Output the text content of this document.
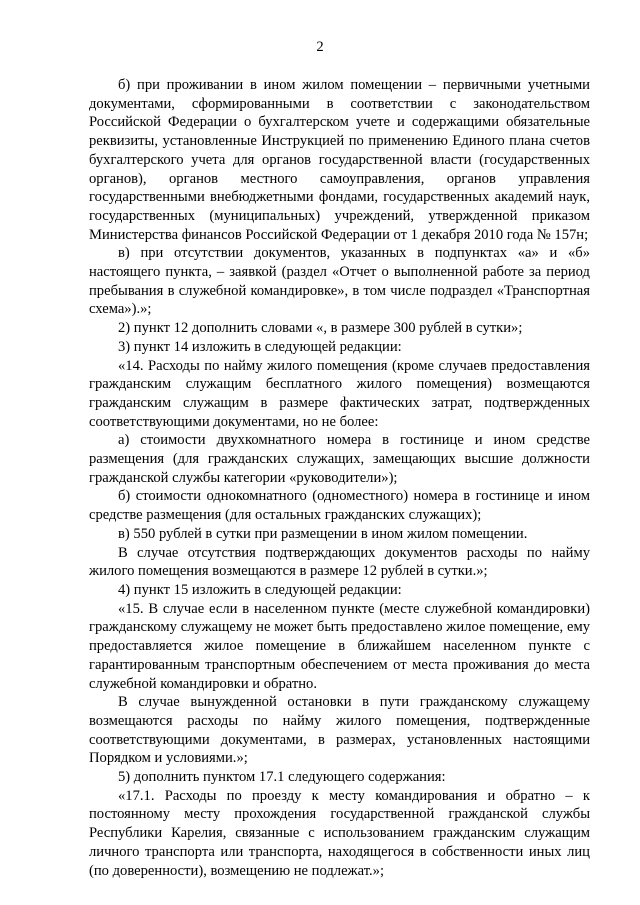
2

б) при проживании в ином жилом помещении – первичными учетными документами, сформированными в соответствии с законодательством Российской Федерации о бухгалтерском учете и содержащими обязательные реквизиты, установленные Инструкцией по применению Единого плана счетов бухгалтерского учета для органов государственной власти (государственных органов), органов местного самоуправления, органов управления государственными внебюджетными фондами, государственных академий наук, государственных (муниципальных) учреждений, утвержденной приказом Министерства финансов Российской Федерации от 1 декабря 2010 года № 157н;

в) при отсутствии документов, указанных в подпунктах «а» и «б» настоящего пункта, – заявкой (раздел «Отчет о выполненной работе за период пребывания в служебной командировке», в том числе подраздел «Транспортная схема»).»;

2) пункт 12 дополнить словами «, в размере 300 рублей в сутки»;

3) пункт 14 изложить в следующей редакции:

«14. Расходы по найму жилого помещения (кроме случаев предоставления гражданским служащим бесплатного жилого помещения) возмещаются гражданским служащим в размере фактических затрат, подтвержденных соответствующими документами, но не более:

а) стоимости двухкомнатного номера в гостинице и ином средстве размещения (для гражданских служащих, замещающих высшие должности гражданской службы категории «руководители»);

б) стоимости однокомнатного (одноместного) номера в гостинице и ином средстве размещения (для остальных гражданских служащих);

в) 550 рублей в сутки при размещении в ином жилом помещении.

В случае отсутствия подтверждающих документов расходы по найму жилого помещения возмещаются в размере 12 рублей в сутки.»;

4) пункт 15 изложить в следующей редакции:

«15. В случае если в населенном пункте (месте служебной командировки) гражданскому служащему не может быть предоставлено жилое помещение, ему предоставляется жилое помещение в ближайшем населенном пункте с гарантированным транспортным обеспечением от места проживания до места служебной командировки и обратно.

В случае вынужденной остановки в пути гражданскому служащему возмещаются расходы по найму жилого помещения, подтвержденные соответствующими документами, в размерах, установленных настоящими Порядком и условиями.»;

5) дополнить пунктом 17.1 следующего содержания:

«17.1. Расходы по проезду к месту командирования и обратно – к постоянному месту прохождения государственной гражданской службы Республики Карелия, связанные с использованием гражданским служащим личного транспорта или транспорта, находящегося в собственности иных лиц (по доверенности), возмещению не подлежат.»;
